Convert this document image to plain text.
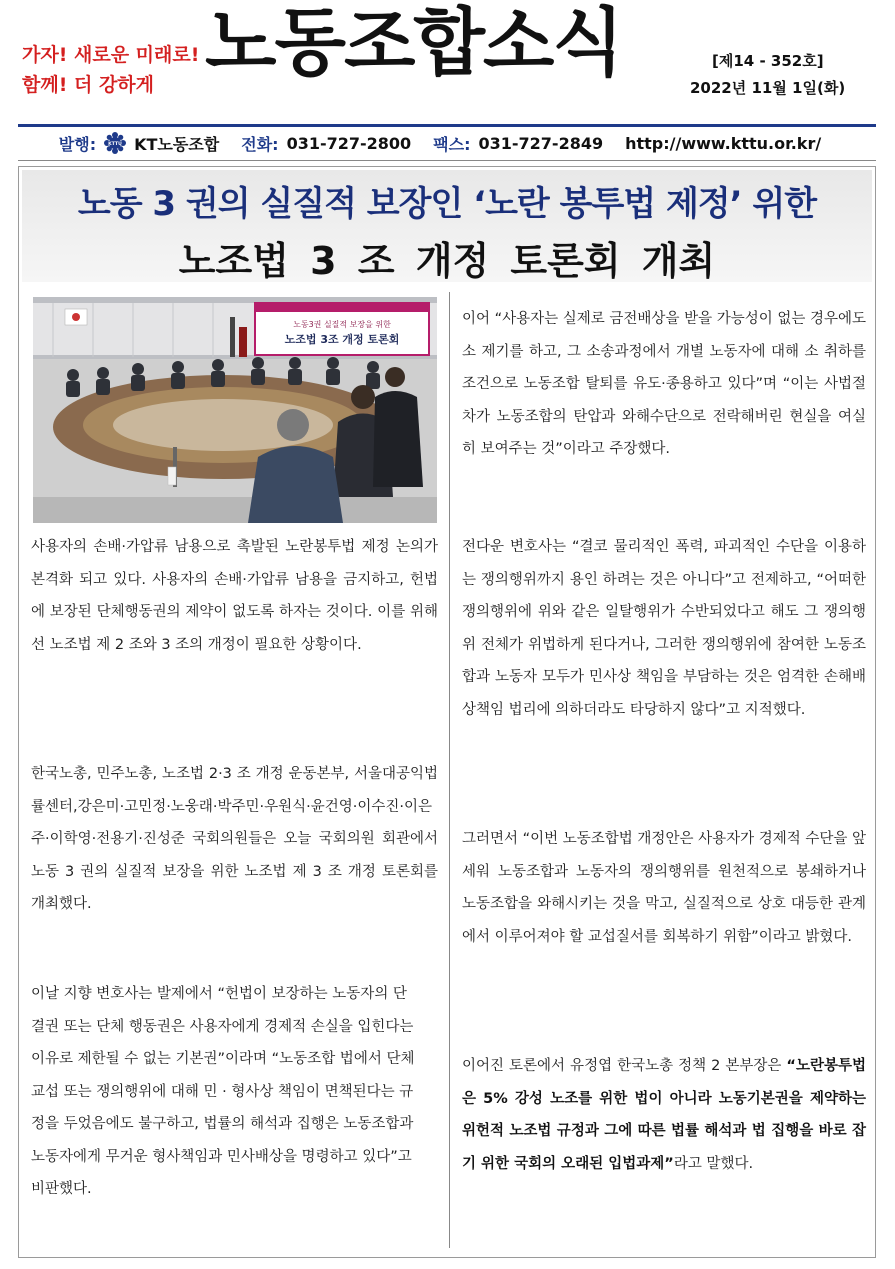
가자! 새로운 미래로!
함께! 더 강하게 노동조합소식	[제14 - 352호]
2022년 11월 1일(화)
발행:	KTTU KT노동조합 전화: 031-727-2800 팩스: 031-727-2849 http://www.kttu.or.kr/
노동 3 권의 실질적 보장인 ‘노란 봉투법 제정’ 위한
노조법 3 조 개정 토론회 개최
노동3권 실질적 보장을 위한
노조법 3조 개정 토론회

사용자의 손배·가압류 남용으로 촉발된 노란봉투법 제정 논의가 본격화 되고 있다. 사용자의 손배·가압류 남용을 금지하고, 헌법에 보장된 단체행동권의 제약이 없도록 하자는 것이다. 이를 위해선 노조법 제 2 조와 3 조의 개정이 필요한 상황이다.

한국노총, 민주노총, 노조법 2·3 조 개정 운동본부, 서울대공익법률센터,강은미·고민정·노웅래·박주민·우원식·윤건영·이수진·이은주·이학영·전용기·진성준 국회의원들은 오늘 국회의원 회관에서 노동 3 권의 실질적 보장을 위한 노조법 제 3 조 개정 토론회를 개최했다.

이날 지향 변호사는 발제에서 “헌법이 보장하는 노동자의 단결권 또는 단체 행동권은 사용자에게 경제적 손실을 입힌다는 이유로 제한될 수 없는 기본권”이라며 “노동조합 법에서 단체교섭 또는 쟁의행위에 대해 민 · 형사상 책임이 면책된다는 규정을 두었음에도 불구하고, 법률의 해석과 집행은 노동조합과 노동자에게 무거운 형사책임과 민사배상을 명령하고 있다”고 비판했다.

이어 “사용자는 실제로 금전배상을 받을 가능성이 없는 경우에도 소 제기를 하고, 그 소송과정에서 개별 노동자에 대해 소 취하를 조건으로 노동조합 탈퇴를 유도·종용하고 있다”며 “이는 사법절차가 노동조합의 탄압과 와해수단으로 전락해버린 현실을 여실히 보여주는 것”이라고 주장했다.

전다운 변호사는 “결코 물리적인 폭력, 파괴적인 수단을 이용하는 쟁의행위까지 용인 하려는 것은 아니다”고 전제하고, “어떠한 쟁의행위에 위와 같은 일탈행위가 수반되었다고 해도 그 쟁의행위 전체가 위법하게 된다거나, 그러한 쟁의행위에 참여한 노동조합과 노동자 모두가 민사상 책임을 부담하는 것은 엄격한 손해배상책임 법리에 의하더라도 타당하지 않다”고 지적했다.

그러면서 “이번 노동조합법 개정안은 사용자가 경제적 수단을 앞세워 노동조합과 노동자의 쟁의행위를 원천적으로 봉쇄하거나 노동조합을 와해시키는 것을 막고, 실질적으로 상호 대등한 관계에서 이루어져야 할 교섭질서를 회복하기 위함”이라고 밝혔다.

이어진 토론에서 유정엽 한국노총 정책 2 본부장은 “노란봉투법은 5% 강성 노조를 위한 법이 아니라 노동기본권을 제약하는 위헌적 노조법 규정과 그에 따른 법률 해석과 법 집행을 바로 잡기 위한 국회의 오래된 입법과제”라고 말했다.
